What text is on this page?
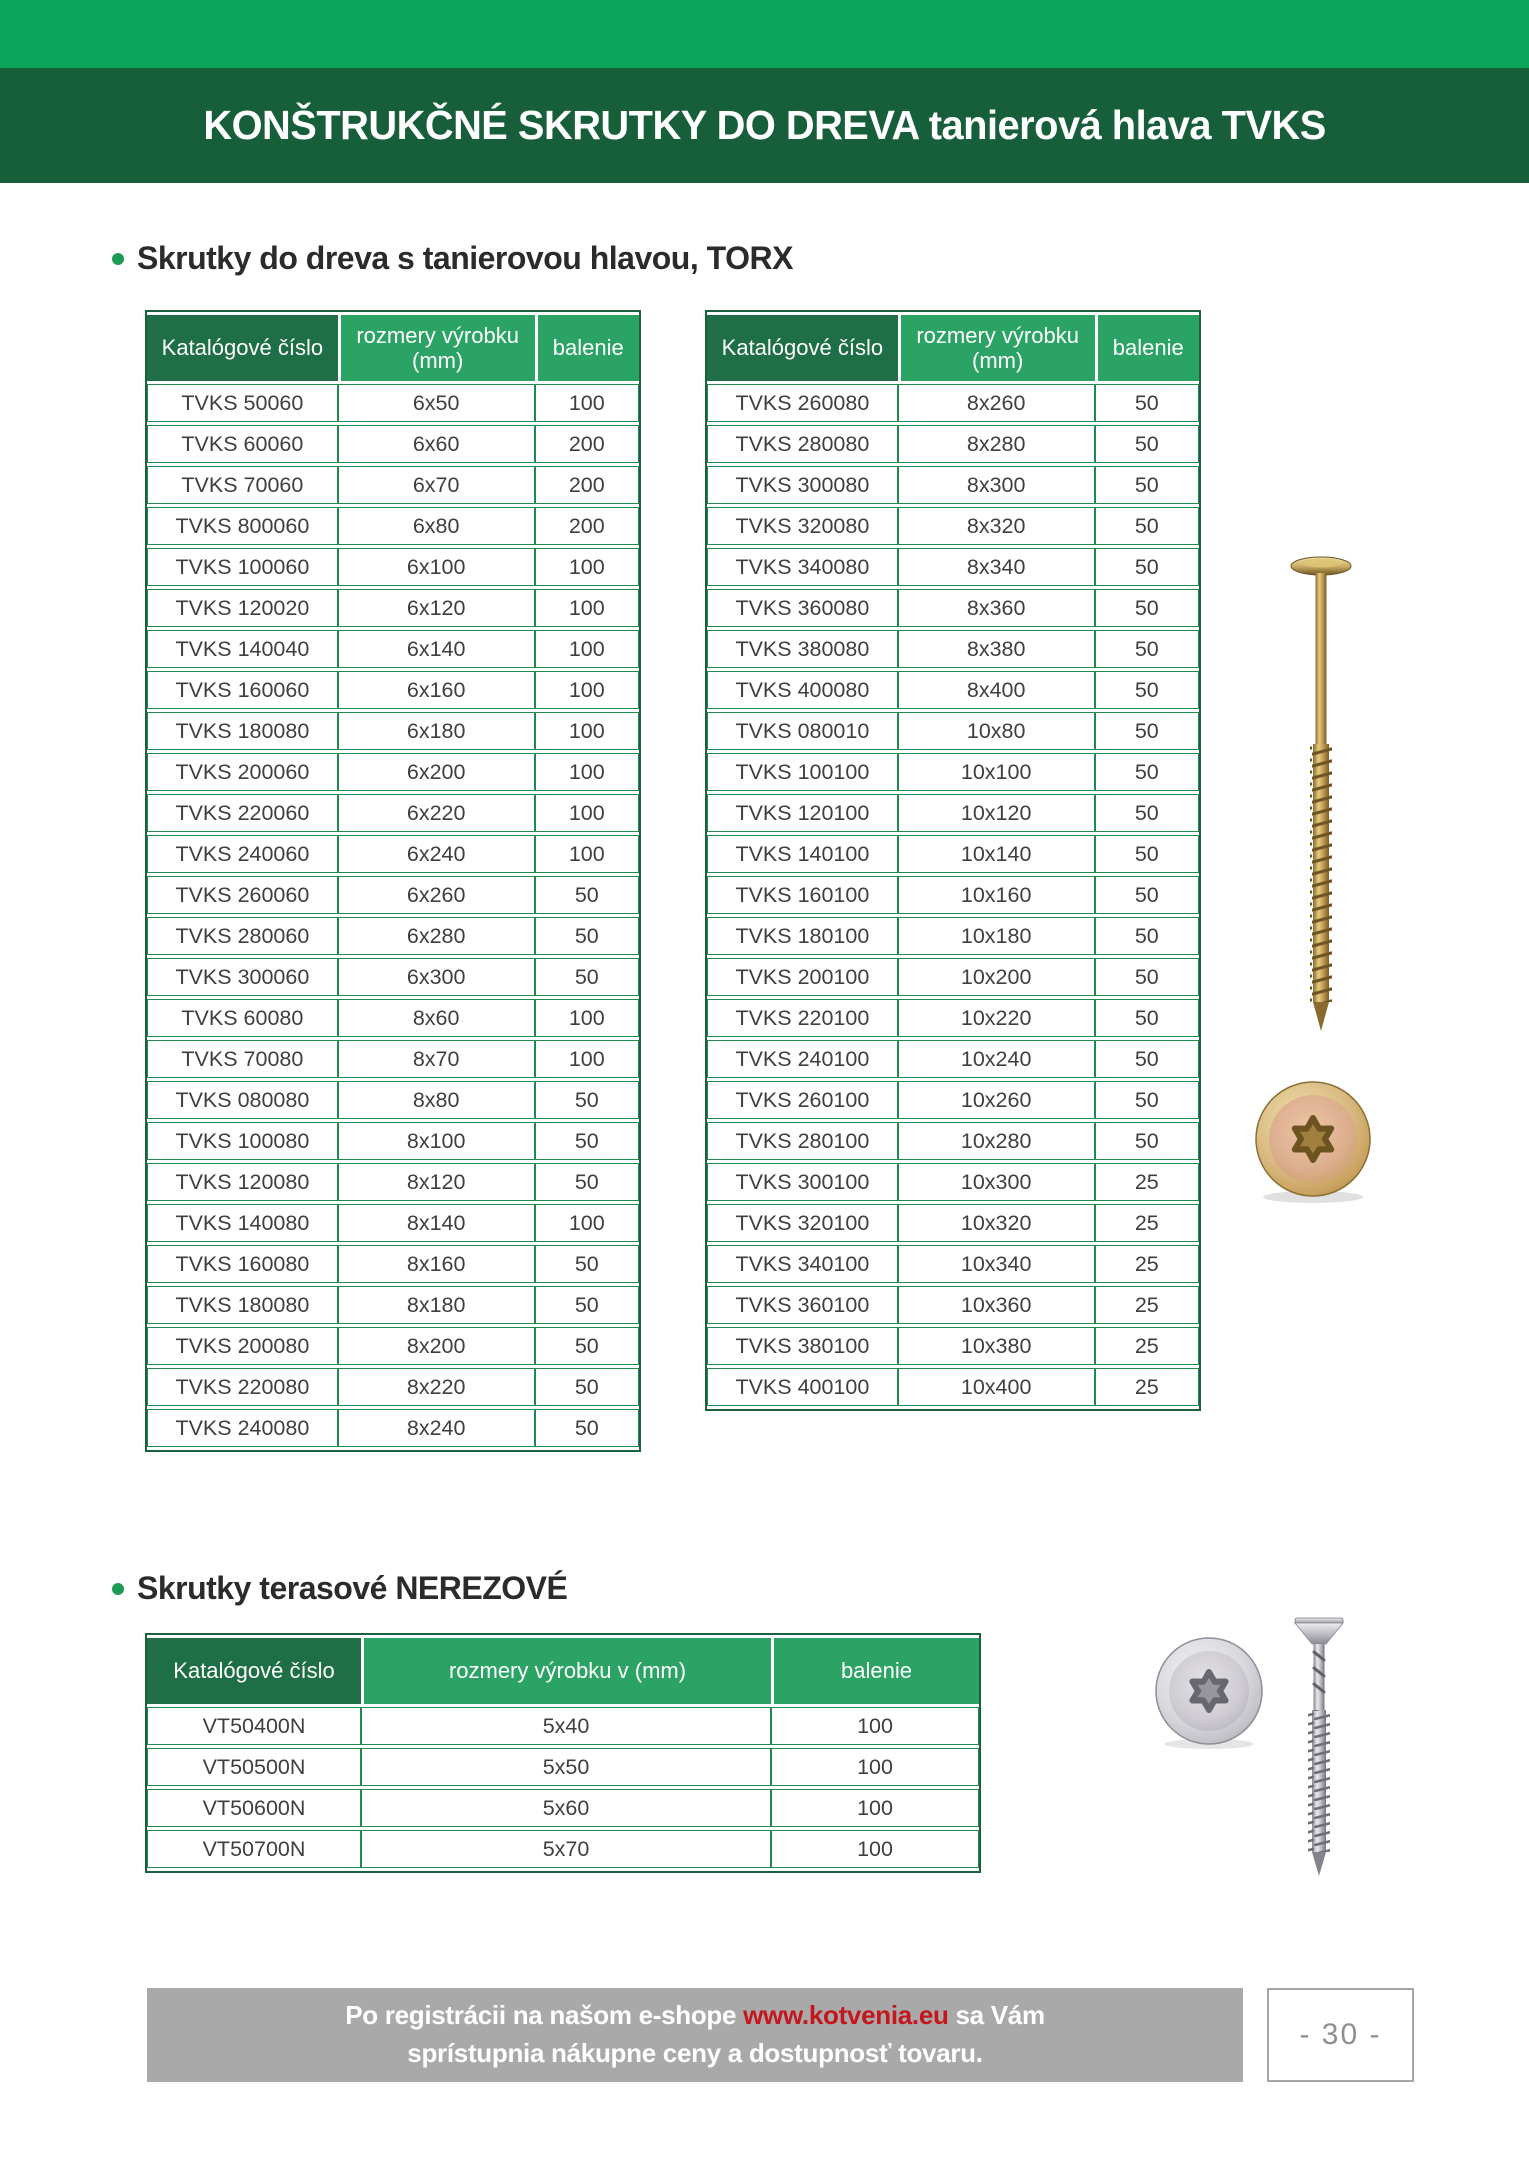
KONŠTRUKČNÉ SKRUTKY DO DREVA tanierová hlava TVKS
Skrutky do dreva s tanierovou hlavou, TORX
Katalógové číslo	rozmery výrobku (mm)	balenie
TVKS 50060	6x50	100
TVKS 60060	6x60	200
TVKS 70060	6x70	200
TVKS 800060	6x80	200
TVKS 100060	6x100	100
TVKS 120020	6x120	100
TVKS 140040	6x140	100
TVKS 160060	6x160	100
TVKS 180080	6x180	100
TVKS 200060	6x200	100
TVKS 220060	6x220	100
TVKS 240060	6x240	100
TVKS 260060	6x260	50
TVKS 280060	6x280	50
TVKS 300060	6x300	50
TVKS 60080	8x60	100
TVKS 70080	8x70	100
TVKS 080080	8x80	50
TVKS 100080	8x100	50
TVKS 120080	8x120	50
TVKS 140080	8x140	100
TVKS 160080	8x160	50
TVKS 180080	8x180	50
TVKS 200080	8x200	50
TVKS 220080	8x220	50
TVKS 240080	8x240	50
Katalógové číslo	rozmery výrobku (mm)	balenie
TVKS 260080	8x260	50
TVKS 280080	8x280	50
TVKS 300080	8x300	50
TVKS 320080	8x320	50
TVKS 340080	8x340	50
TVKS 360080	8x360	50
TVKS 380080	8x380	50
TVKS 400080	8x400	50
TVKS 080010	10x80	50
TVKS 100100	10x100	50
TVKS 120100	10x120	50
TVKS 140100	10x140	50
TVKS 160100	10x160	50
TVKS 180100	10x180	50
TVKS 200100	10x200	50
TVKS 220100	10x220	50
TVKS 240100	10x240	50
TVKS 260100	10x260	50
TVKS 280100	10x280	50
TVKS 300100	10x300	25
TVKS 320100	10x320	25
TVKS 340100	10x340	25
TVKS 360100	10x360	25
TVKS 380100	10x380	25
TVKS 400100	10x400	25
Skrutky terasové NEREZOVÉ
Katalógové číslo	rozmery výrobku v (mm)	balenie
VT50400N	5x40	100
VT50500N	5x50	100
VT50600N	5x60	100
VT50700N	5x70	100
Po registrácii na našom e-shope www.kotvenia.eu sa Vám
sprístupnia nákupne ceny a dostupnosť tovaru.
- 30 -
